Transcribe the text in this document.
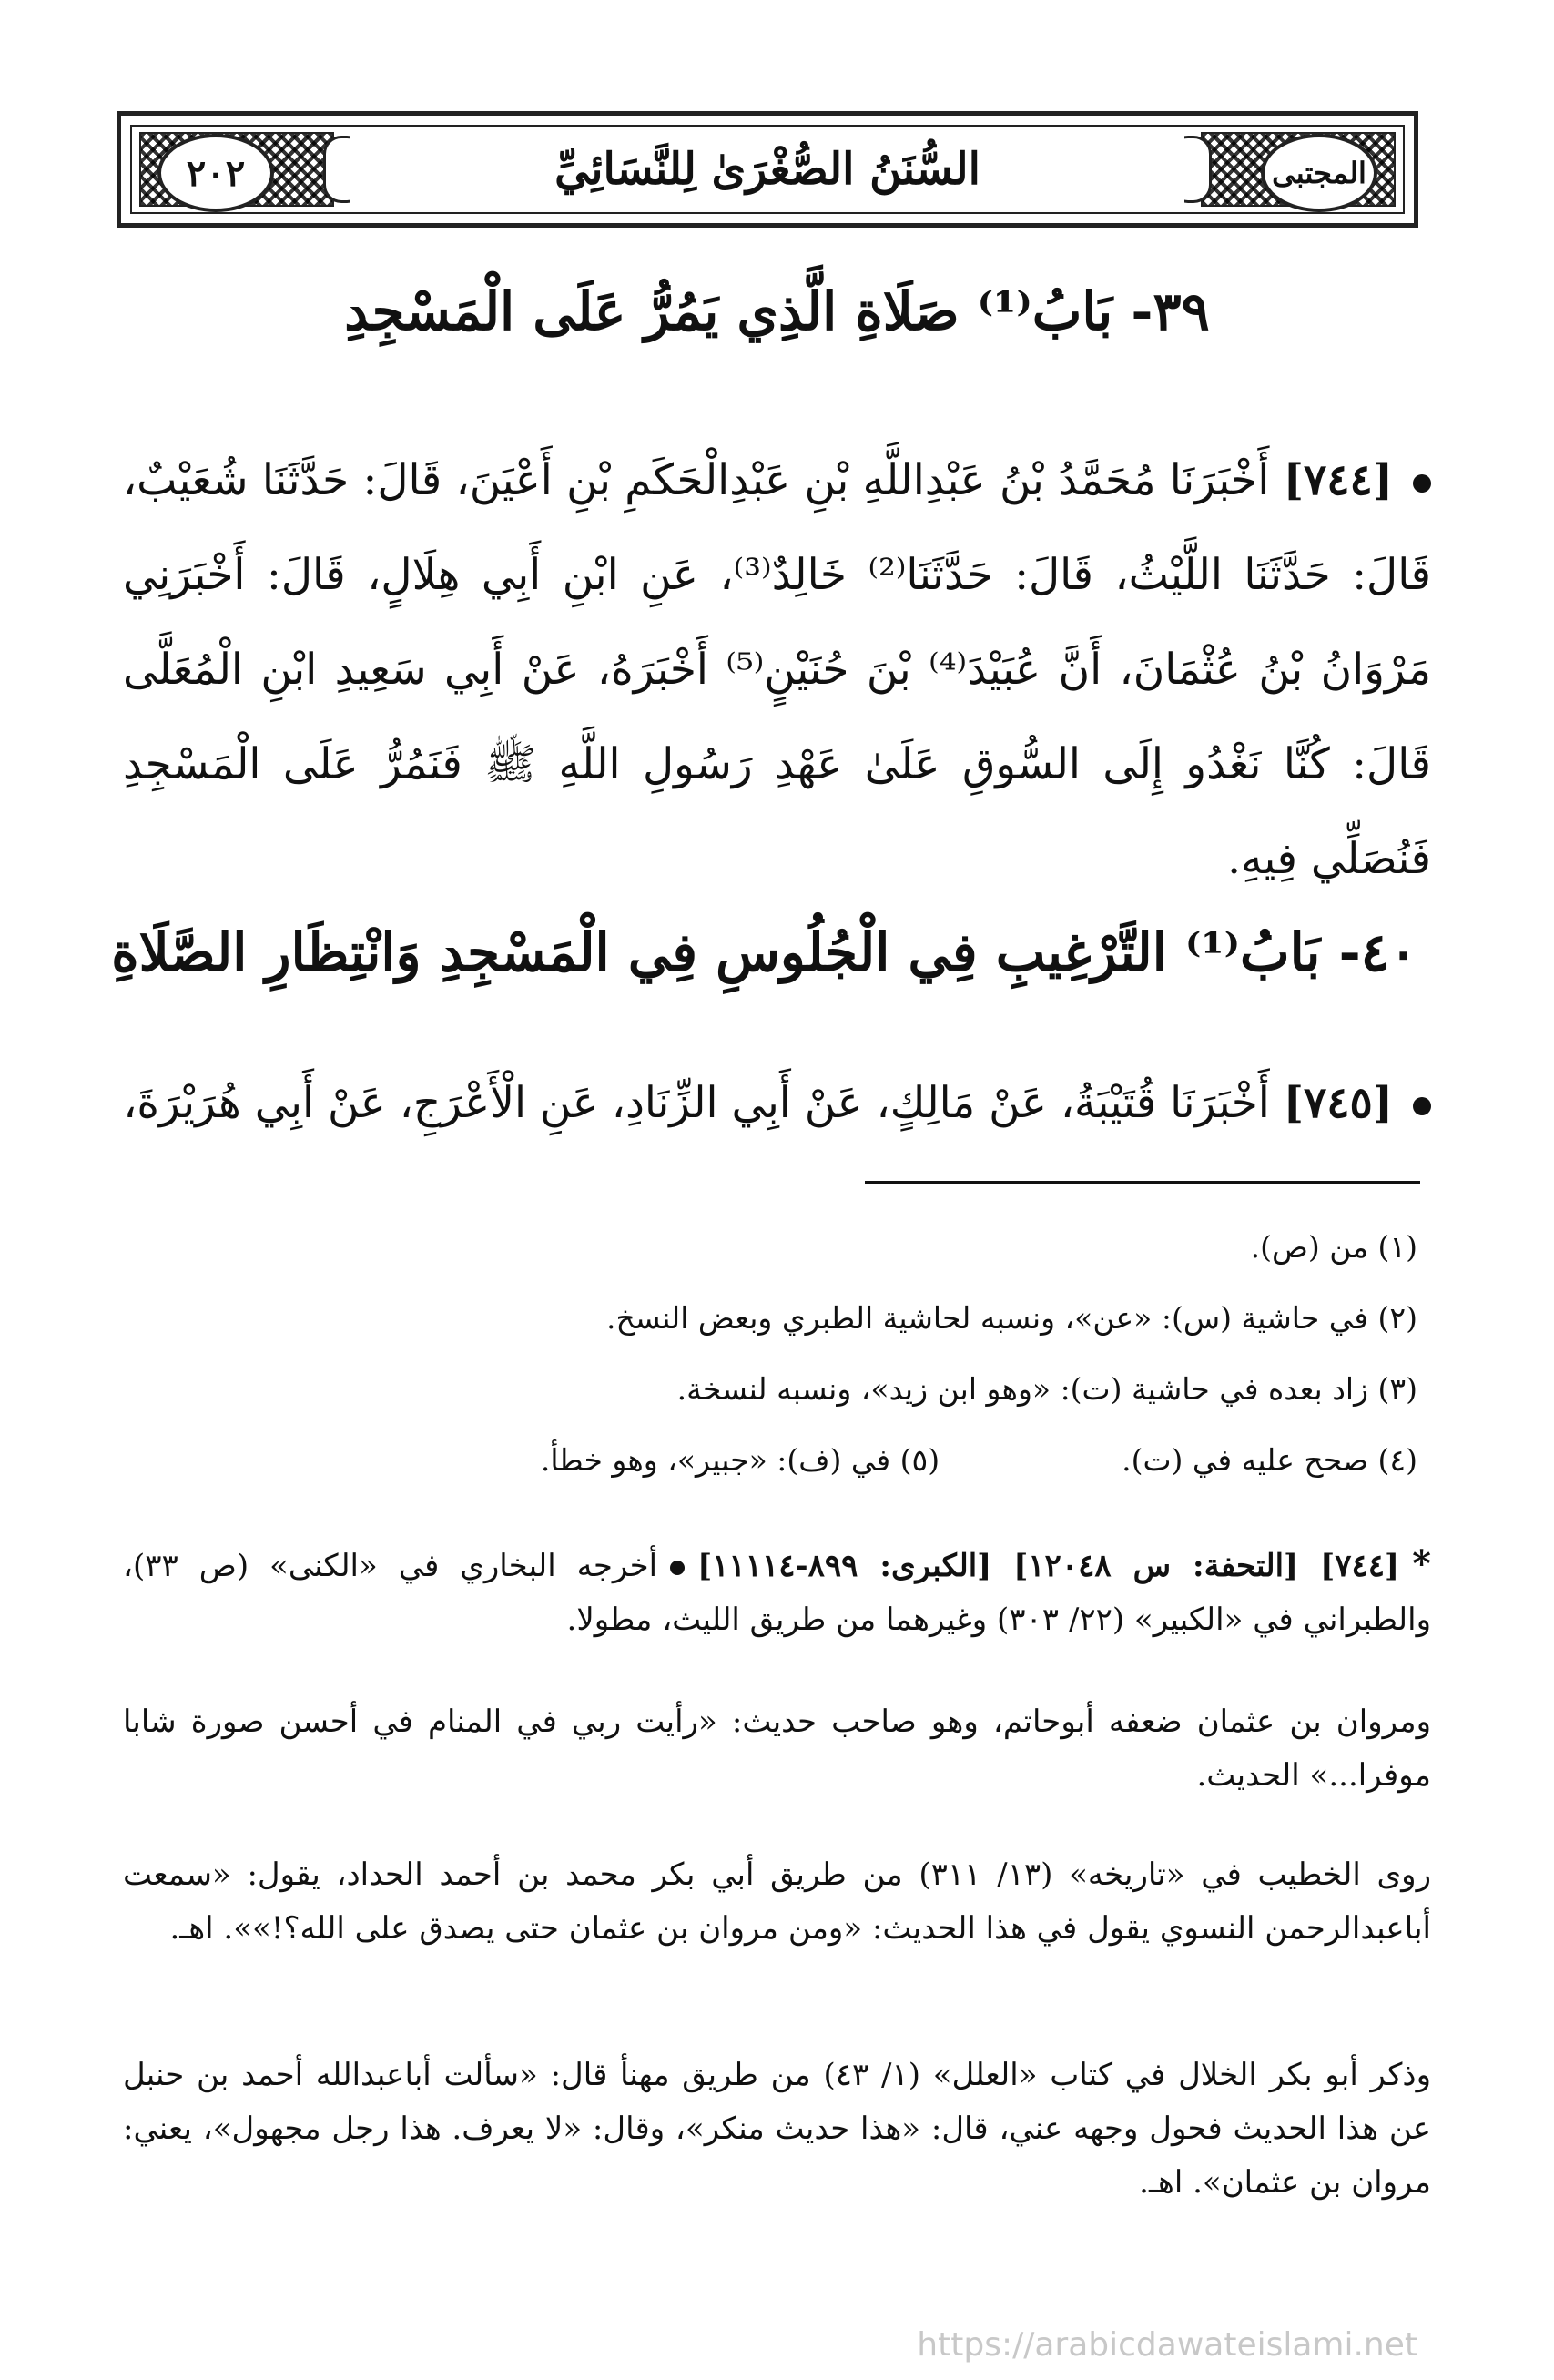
٢٠٢	السُّنَنُ الصُّغْرَىٰ لِلنَّسَائِيِّ	المجتبى
٣٩- بَابُ⁽¹⁾ صَلَاةِ الَّذِي يَمُرُّ عَلَى الْمَسْجِدِ
[٧٤٤] أَخْبَرَنَا مُحَمَّدُ بْنُ عَبْدِاللَّهِ بْنِ عَبْدِالْحَكَمِ بْنِ أَعْيَنَ، قَالَ: حَدَّثَنَا شُعَيْبٌ، قَالَ: حَدَّثَنَا اللَّيْثُ، قَالَ: حَدَّثَنَا⁽²⁾ خَالِدٌ⁽³⁾، عَنِ ابْنِ أَبِي هِلَالٍ، قَالَ: أَخْبَرَنِي مَرْوَانُ بْنُ عُثْمَانَ، أَنَّ عُبَيْدَ⁽⁴⁾ بْنَ حُنَيْنٍ⁽⁵⁾ أَخْبَرَهُ، عَنْ أَبِي سَعِيدِ ابْنِ الْمُعَلَّى قَالَ: كُنَّا نَغْدُو إِلَى السُّوقِ عَلَىٰ عَهْدِ رَسُولِ اللَّهِ ﷺ فَنَمُرُّ عَلَى الْمَسْجِدِ فَنُصَلِّي فِيهِ.
٤٠- بَابُ⁽¹⁾ التَّرْغِيبِ فِي الْجُلُوسِ فِي الْمَسْجِدِ وَانْتِظَارِ الصَّلَاةِ
[٧٤٥] أَخْبَرَنَا قُتَيْبَةُ، عَنْ مَالِكٍ، عَنْ أَبِي الزِّنَادِ، عَنِ الْأَعْرَجِ، عَنْ أَبِي هُرَيْرَةَ،
(١) من (ص).
(٢) في حاشية (س): «عن»، ونسبه لحاشية الطبري وبعض النسخ.
(٣) زاد بعده في حاشية (ت): «وهو ابن زيد»، ونسبه لنسخة.
(٤) صحح عليه في (ت).(٥) في (ف): «جبير»، وهو خطأ.
*[٧٤٤] [التحفة: س ١٢٠٤٨] [الكبرى: ٨٩٩-١١١١٤]أخرجه البخاري في «الكنى» (ص ٣٣)، والطبراني في «الكبير» (٢٢/ ٣٠٣) وغيرهما من طريق الليث، مطولا.
ومروان بن عثمان ضعفه أبوحاتم، وهو صاحب حديث: «رأيت ربي في المنام في أحسن صورة شابا موفرا...» الحديث.
روى الخطيب في «تاريخه» (١٣/ ٣١١) من طريق أبي بكر محمد بن أحمد الحداد، يقول: «سمعت أباعبدالرحمن النسوي يقول في هذا الحديث: «ومن مروان بن عثمان حتى يصدق على الله؟!»». اهـ.
وذكر أبو بكر الخلال في كتاب «العلل» (١/ ٤٣) من طريق مهنأ قال: «سألت أباعبدالله أحمد بن حنبل عن هذا الحديث فحول وجهه عني، قال: «هذا حديث منكر»، وقال: «لا يعرف. هذا رجل مجهول»، يعني: مروان بن عثمان». اهـ.
https://arabicdawateislami.net
